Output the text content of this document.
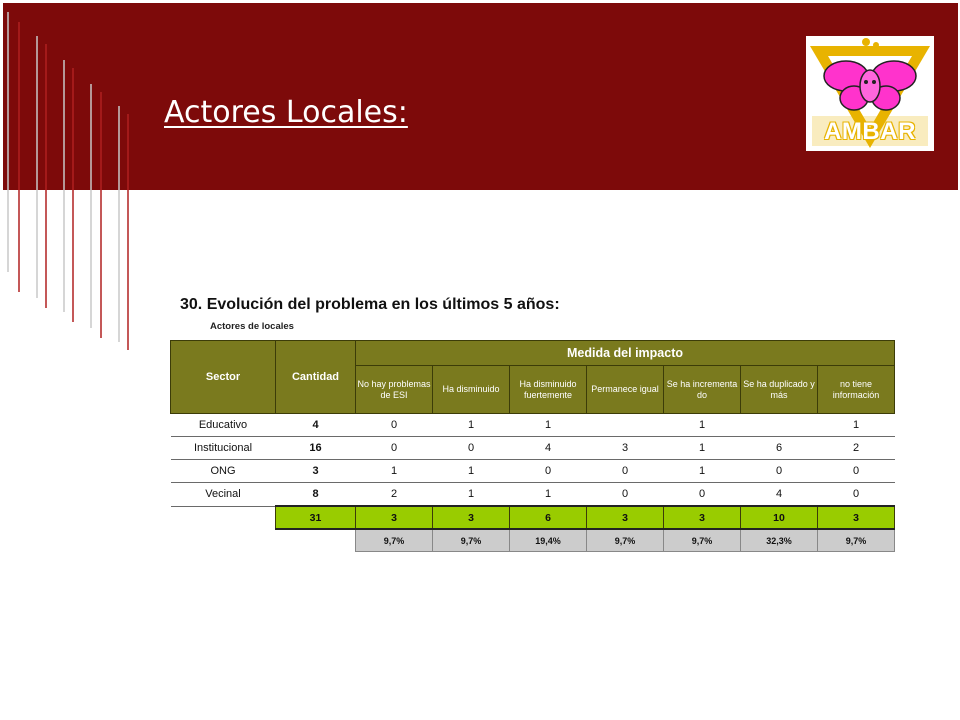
Actores Locales:
AMBAR
30. Evolución del problema en los últimos 5 años:
Actores de locales
Sector	Cantidad	Medida del impacto						
		No hay problemas de ESI	Ha disminuido	Ha disminuido fuertemente	Permanece igual	Se ha incrementa do	Se ha duplicado y más	no tiene información
Educativo	4	0	1	1		1		1
Institucional	16	0	0	4	3	1	6	2
ONG	3	1	1	0	0	1	0	0
Vecinal	8	2	1	1	0	0	4	0
	31	3	3	6	3	3	10	3
		9,7%	9,7%	19,4%	9,7%	9,7%	32,3%	9,7%
